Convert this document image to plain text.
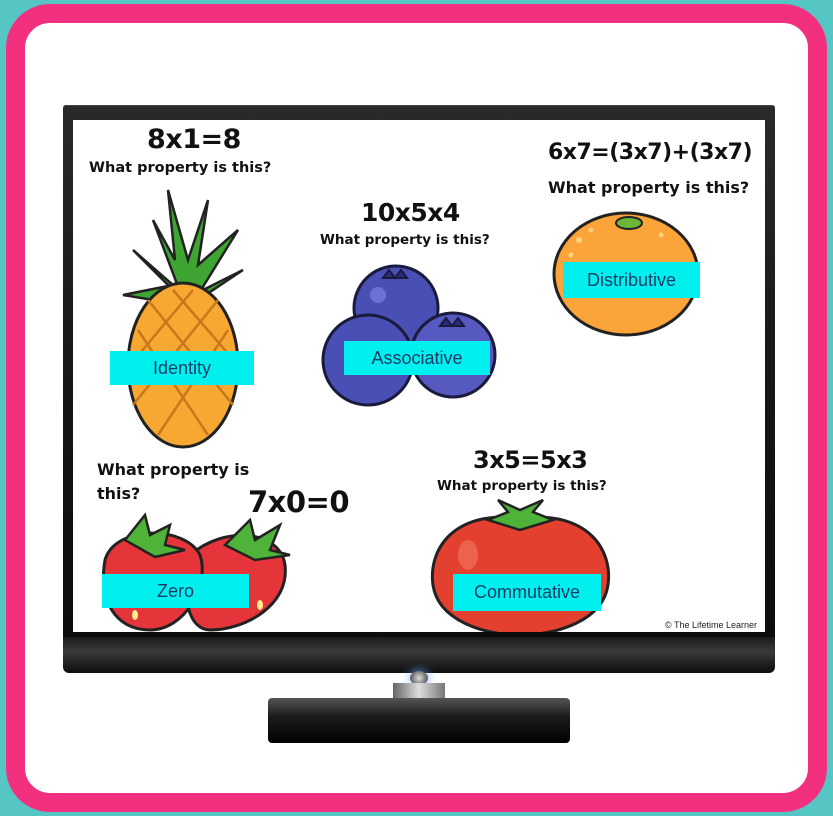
8x1=8
What property is this?
Identity
10x5x4
What property is this?
Associative
6x7=(3x7)+(3x7)
What property is this?
Distributive
What property is
this?	7x0=0
Zero
3x5=5x3
What property is this?
Commutative
© The Lifetime Learner
